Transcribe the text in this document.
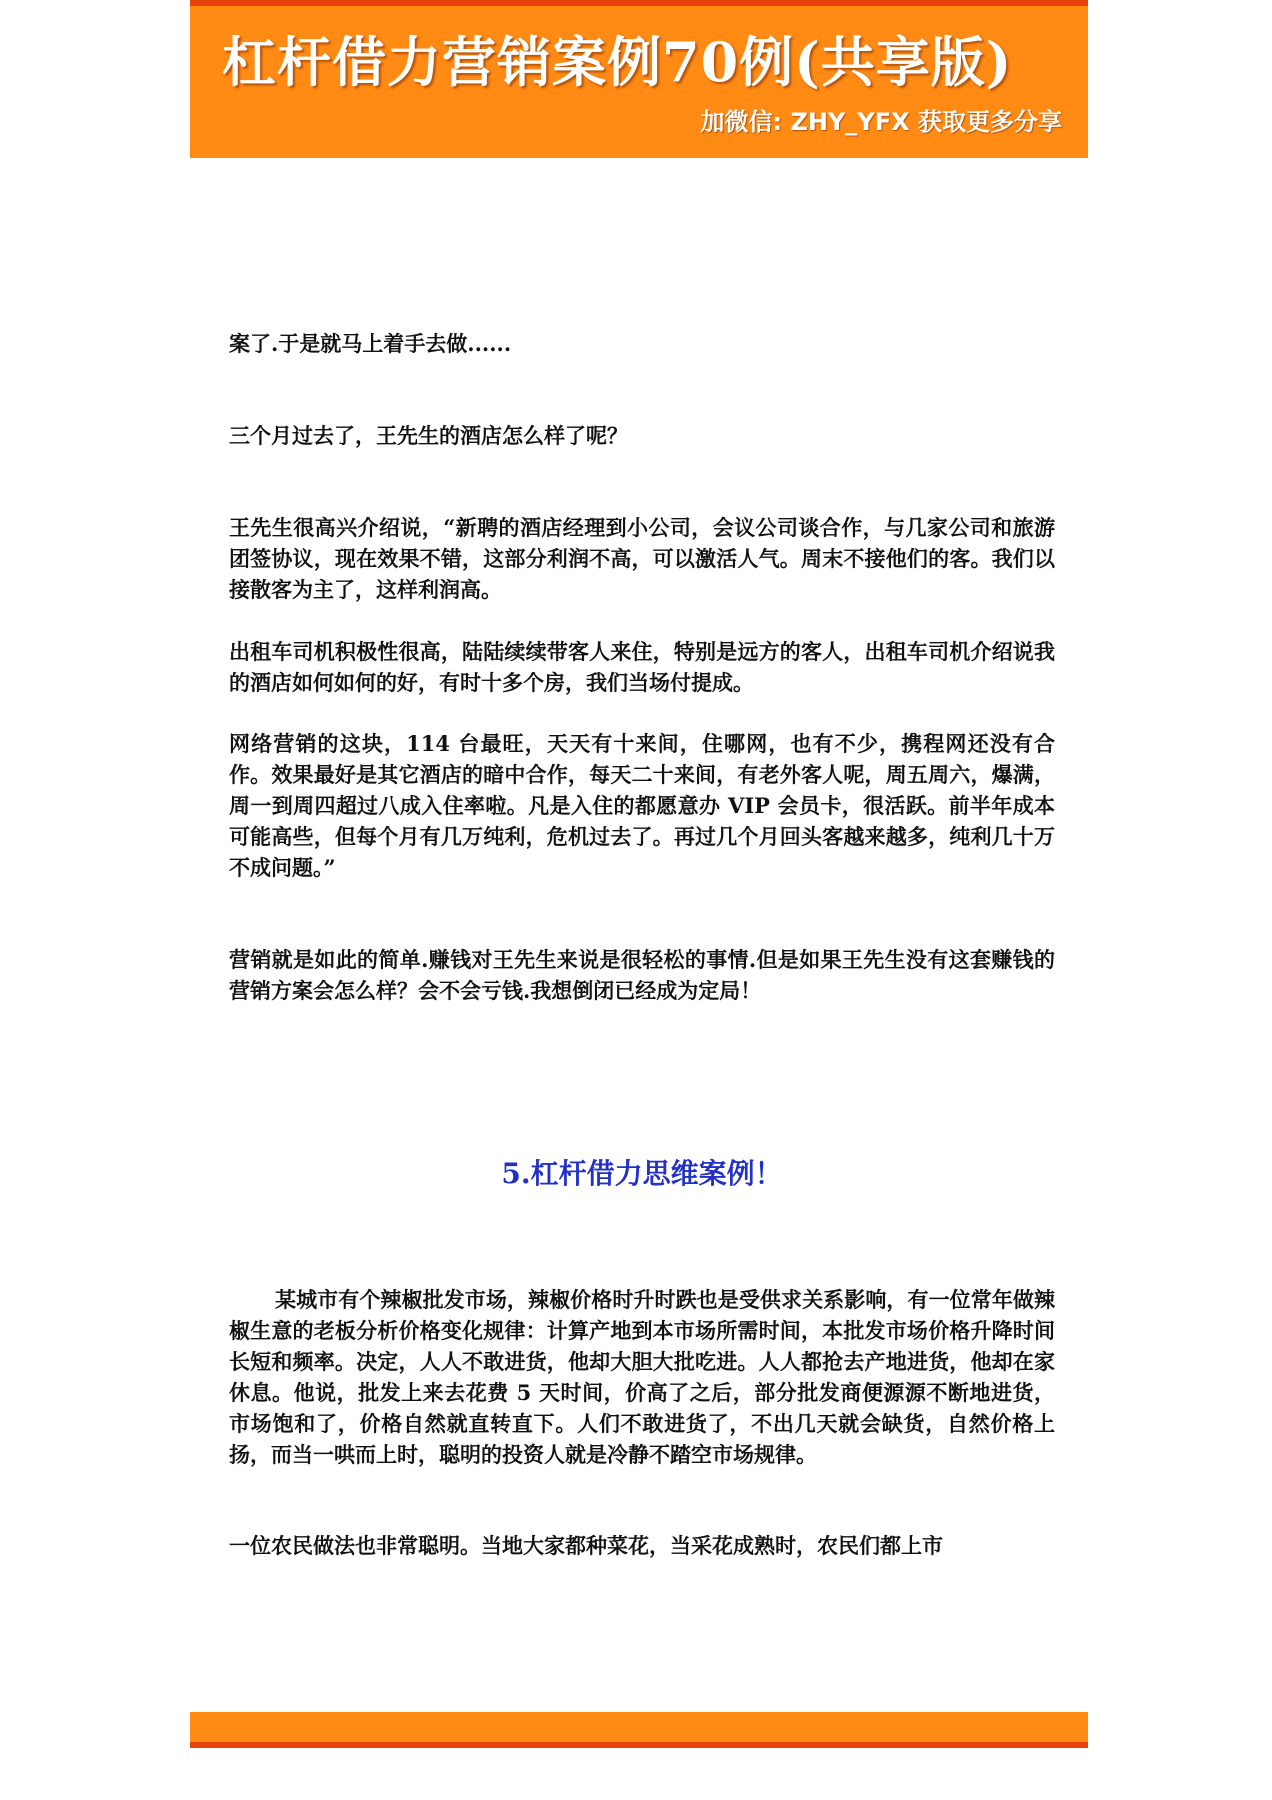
杠杆借力营销案例70例(共享版)
加微信: ZHY_YFX 获取更多分享

案了.于是就马上着手去做......

三个月过去了，王先生的酒店怎么样了呢？

王先生很高兴介绍说，“新聘的酒店经理到小公司，会议公司谈合作，与几家公司和旅游团签协议，现在效果不错，这部分利润不高，可以激活人气。周末不接他们的客。我们以接散客为主了，这样利润高。

出租车司机积极性很高，陆陆续续带客人来住，特别是远方的客人，出租车司机介绍说我的酒店如何如何的好，有时十多个房，我们当场付提成。

网络营销的这块，114 台最旺，天天有十来间，住哪网，也有不少，携程网还没有合作。效果最好是其它酒店的暗中合作，每天二十来间，有老外客人呢，周五周六，爆满，周一到周四超过八成入住率啦。凡是入住的都愿意办 VIP 会员卡，很活跃。前半年成本可能高些，但每个月有几万纯利，危机过去了。再过几个月回头客越来越多，纯利几十万不成问题。”

营销就是如此的简单.赚钱对王先生来说是很轻松的事情.但是如果王先生没有这套赚钱的营销方案会怎么样？会不会亏钱.我想倒闭已经成为定局！

5.杠杆借力思维案例！

某城市有个辣椒批发市场，辣椒价格时升时跌也是受供求关系影响，有一位常年做辣椒生意的老板分析价格变化规律：计算产地到本市场所需时间，本批发市场价格升降时间长短和频率。决定，人人不敢进货，他却大胆大批吃进。人人都抢去产地进货，他却在家休息。他说，批发上来去花费 5 天时间，价高了之后，部分批发商便源源不断地进货，市场饱和了，价格自然就直转直下。人们不敢进货了，不出几天就会缺货，自然价格上扬，而当一哄而上时，聪明的投资人就是冷静不踏空市场规律。

一位农民做法也非常聪明。当地大家都种菜花，当采花成熟时，农民们都上市
